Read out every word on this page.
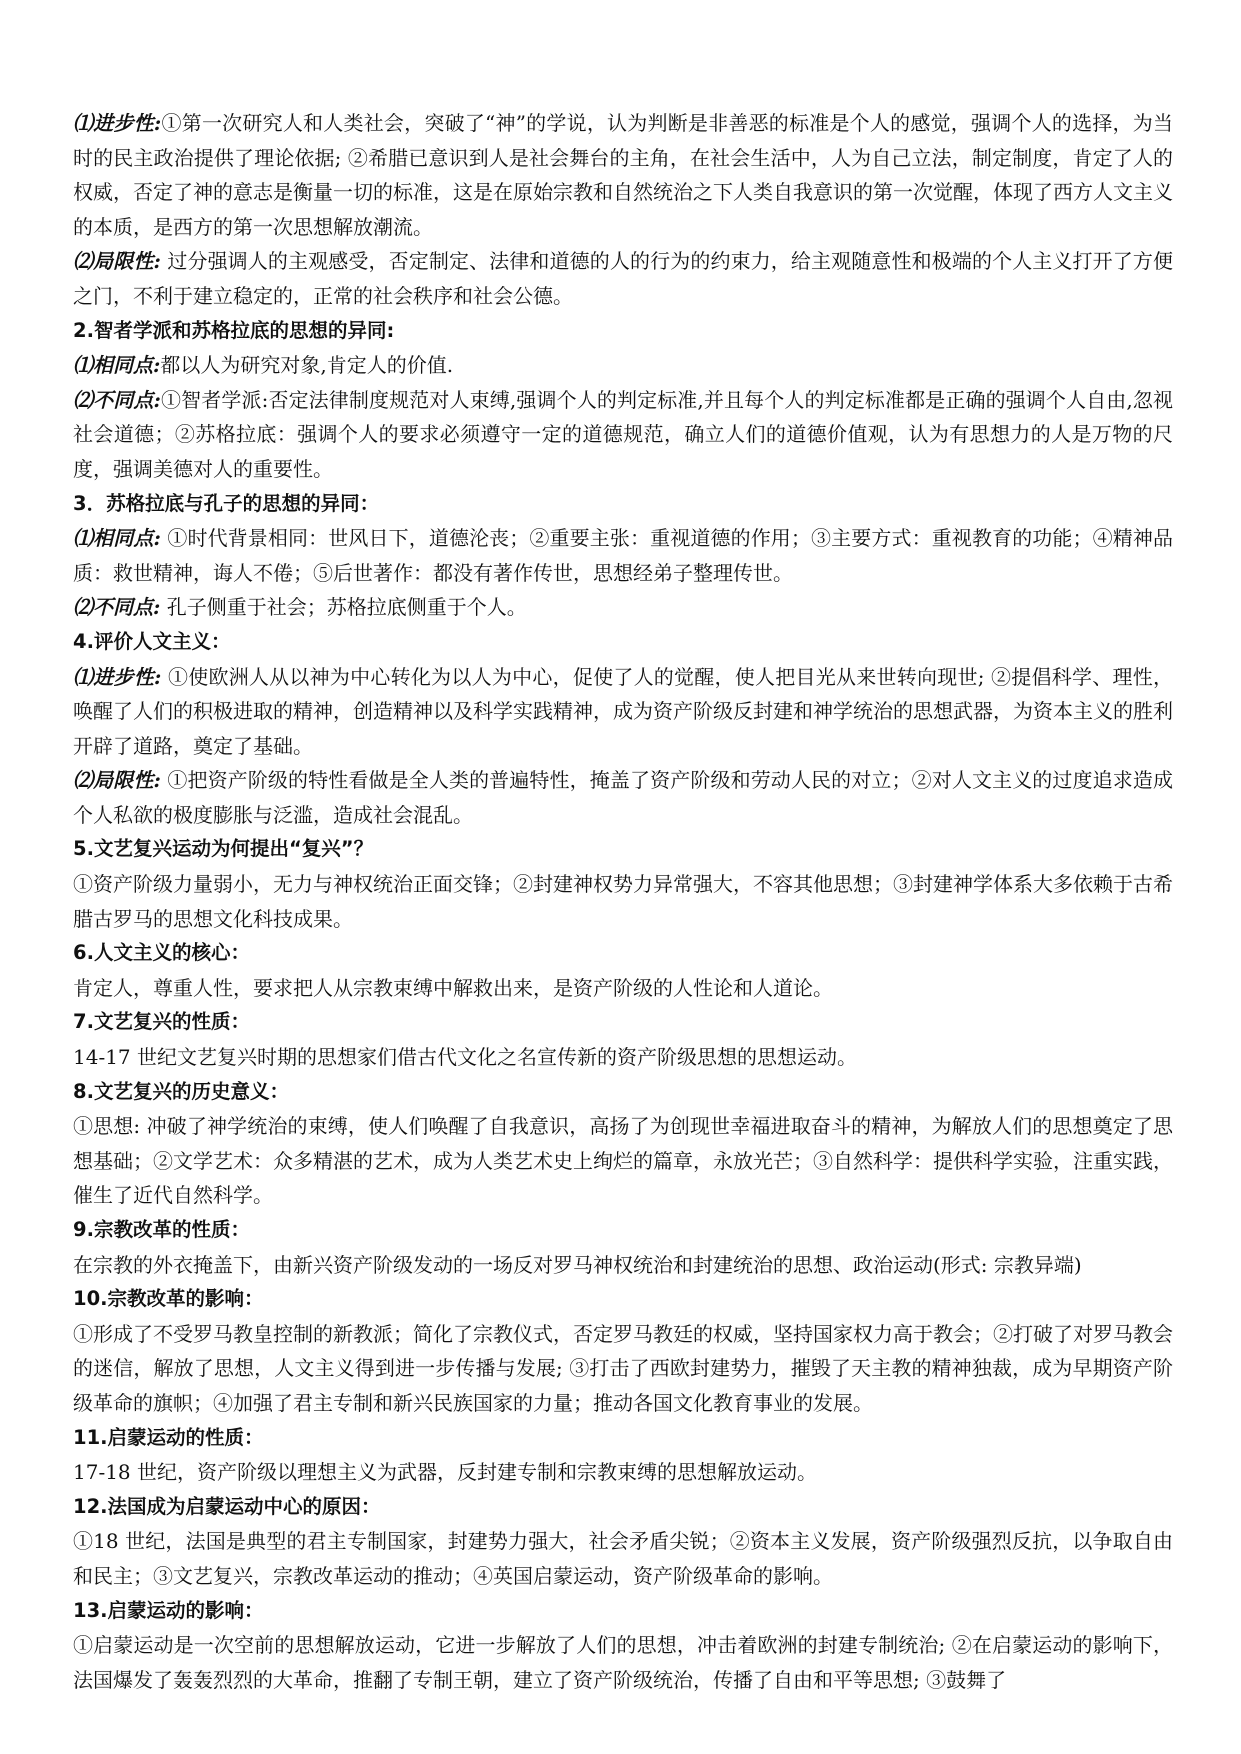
⑴进步性:①第一次研究人和人类社会，突破了“神”的学说，认为判断是非善恶的标准是个人的感觉，强调个人的选择，为当时的民主政治提供了理论依据; ②希腊已意识到人是社会舞台的主角，在社会生活中，人为自己立法，制定制度，肯定了人的权威，否定了神的意志是衡量一切的标准，这是在原始宗教和自然统治之下人类自我意识的第一次觉醒，体现了西方人文主义的本质，是西方的第一次思想解放潮流。

⑵局限性: 过分强调人的主观感受，否定制定、法律和道德的人的行为的约束力，给主观随意性和极端的个人主义打开了方便之门，不利于建立稳定的，正常的社会秩序和社会公德。

2.智者学派和苏格拉底的思想的异同:

⑴相同点:都以人为研究对象,肯定人的价值.

⑵不同点:①智者学派:否定法律制度规范对人束缚,强调个人的判定标准,并且每个人的判定标准都是正确的强调个人自由,忽视社会道德；②苏格拉底：强调个人的要求必须遵守一定的道德规范，确立人们的道德价值观，认为有思想力的人是万物的尺度，强调美德对人的重要性。

3．苏格拉底与孔子的思想的异同：

⑴相同点: ①时代背景相同：世风日下，道德沦丧；②重要主张：重视道德的作用；③主要方式：重视教育的功能；④精神品质：救世精神，诲人不倦；⑤后世著作：都没有著作传世，思想经弟子整理传世。

⑵不同点: 孔子侧重于社会；苏格拉底侧重于个人。

4.评价人文主义：

⑴进步性: ①使欧洲人从以神为中心转化为以人为中心，促使了人的觉醒，使人把目光从来世转向现世; ②提倡科学、理性，唤醒了人们的积极进取的精神，创造精神以及科学实践精神，成为资产阶级反封建和神学统治的思想武器，为资本主义的胜利开辟了道路，奠定了基础。

⑵局限性: ①把资产阶级的特性看做是全人类的普遍特性，掩盖了资产阶级和劳动人民的对立；②对人文主义的过度追求造成个人私欲的极度膨胀与泛滥，造成社会混乱。

5.文艺复兴运动为何提出“复兴”？

①资产阶级力量弱小，无力与神权统治正面交锋；②封建神权势力异常强大，不容其他思想；③封建神学体系大多依赖于古希腊古罗马的思想文化科技成果。

6.人文主义的核心：

肯定人，尊重人性，要求把人从宗教束缚中解救出来，是资产阶级的人性论和人道论。

7.文艺复兴的性质：

14-17 世纪文艺复兴时期的思想家们借古代文化之名宣传新的资产阶级思想的思想运动。

8.文艺复兴的历史意义：

①思想: 冲破了神学统治的束缚，使人们唤醒了自我意识，高扬了为创现世幸福进取奋斗的精神，为解放人们的思想奠定了思想基础；②文学艺术：众多精湛的艺术，成为人类艺术史上绚烂的篇章，永放光芒；③自然科学：提供科学实验，注重实践，催生了近代自然科学。

9.宗教改革的性质：

在宗教的外衣掩盖下，由新兴资产阶级发动的一场反对罗马神权统治和封建统治的思想、政治运动(形式: 宗教异端)

10.宗教改革的影响：

①形成了不受罗马教皇控制的新教派；简化了宗教仪式，否定罗马教廷的权威，坚持国家权力高于教会；②打破了对罗马教会的迷信，解放了思想，人文主义得到进一步传播与发展; ③打击了西欧封建势力，摧毁了天主教的精神独裁，成为早期资产阶级革命的旗帜；④加强了君主专制和新兴民族国家的力量；推动各国文化教育事业的发展。

11.启蒙运动的性质：

17-18 世纪，资产阶级以理想主义为武器，反封建专制和宗教束缚的思想解放运动。

12.法国成为启蒙运动中心的原因：

①18 世纪，法国是典型的君主专制国家，封建势力强大，社会矛盾尖锐；②资本主义发展，资产阶级强烈反抗，以争取自由和民主；③文艺复兴，宗教改革运动的推动；④英国启蒙运动，资产阶级革命的影响。

13.启蒙运动的影响：

①启蒙运动是一次空前的思想解放运动，它进一步解放了人们的思想，冲击着欧洲的封建专制统治; ②在启蒙运动的影响下，法国爆发了轰轰烈烈的大革命，推翻了专制王朝，建立了资产阶级统治，传播了自由和平等思想; ③鼓舞了
